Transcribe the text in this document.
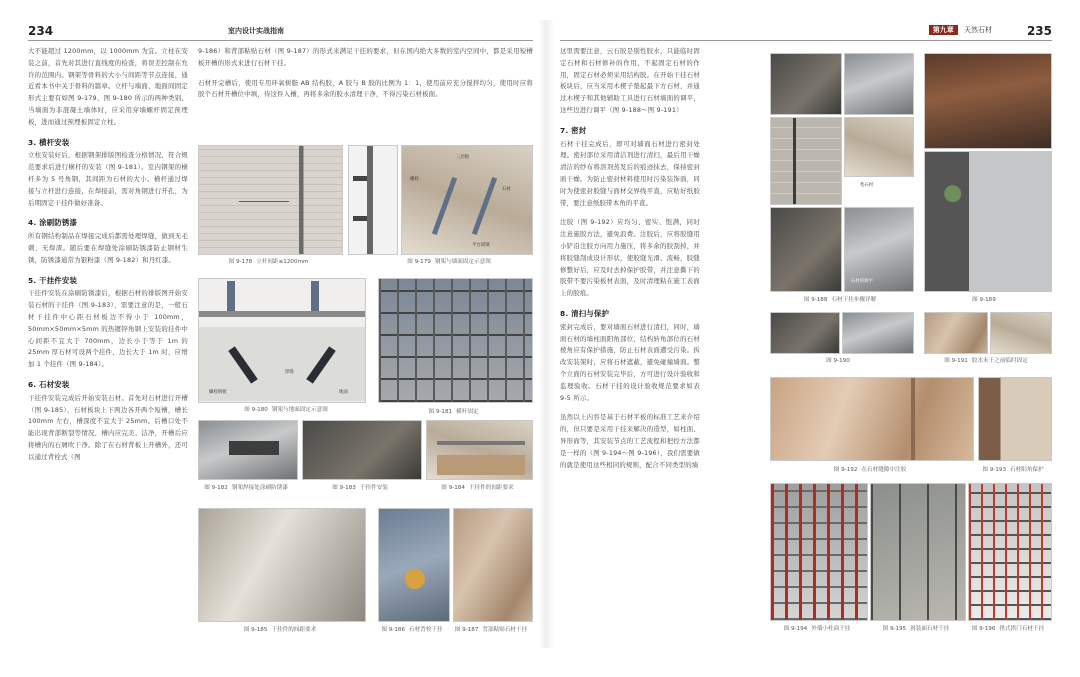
234	室内设计实战指南

大不能超过 1200mm，以 1000mm 为宜。立柱在安装之前，首先对其进行直线度的检查，将误差控制在允许的范围内。钢架等骨料的大小与间距等节点连接，通近看本书中关于骨料的篇章。立杆与墙面、地面间固定形式主要有如图 9-179、图 9-180 所示的两种类别，当墙面为非混凝土墙体时，应采用穿墙螺杆固定预埋板，进而通过预埋板固定立柱。

3. 横杆安装

立柱安装好后，根据钢架排版图检查分格情况，符合规范要求后进行横杆的安装（图 9-181）。室内钢架的横杆多为 5 号角钢，其间距为石材的大小。横杆通过焊接与立杆进行连接，在焊接前，需对角钢进行开孔，为后期固定干挂件做好准备。

4. 涂刷防锈漆

所有钢结构制品在焊接完成后都需处理焊缝，做到无毛刺、无焊渣。随后要在焊缝处涂刷防锈漆防止钢材生锈，防锈漆通常为银粉漆（图 9-182）和丹红漆。

5. 干挂件安装

干挂件安装在涂刷防锈漆后，根据石材的排版图开始安装石材的干挂件（图 9-183），需要注意的是，一般石材干挂件中心距石材板边不得小于 100mm，50mm×50mm×5mm 的热镀锌角钢上安装的挂件中心间距不宜大于 700mm，边长小于等于 1m 的 25mm 厚石材可设两个挂件，边长大于 1m 时，应增加 1 个挂件（图 9-184）。

6. 石材安装

干挂件安装完成后开始安装石材。首先对石材进行开槽（图 9-185），石材板块上下两边各开两个短槽，槽长 100mm 左右，槽深度不宜大于 25mm。后槽口处不能出现背部断裂等情况，槽内应完美、洁净，开槽后应将槽内的石屑吹干净。除了在石材背板上开槽外，还可以通过背栓式（图

9-186）和背部粘贴石材（图 9-187）的形式来满足干挂的要求，但在国内绝大多数的室内空间中，都是采用短槽板开槽的形式来进行石材干挂。

石材开完槽后，使用专用环氧树脂 AB 结构胶，A 胶与 B 胶的比例为 1：1，使用前应充分搅拌均匀，使用时应将胶个石材开槽位中填，待这件入槽，再将多余的胶水清理干净，不得污染石材板面。

图 9-178 立杆间距≤1200mm
三层板
石材
螺栓
平台锚钢
图 9-179 钢架与墙面固定示意图
焊缝
螺栓钢板	地面
图 9-180 钢架与地面固定示意图	图 9-181 横杆固定
图 9-182 钢架焊接处涂刷防锈漆	图 9-183 干挂件安装	图 9-184 干挂件的间距要求
图 9-185 干挂件的间距要求	图 9-186 石材背栓干挂	图 9-187 背部粘贴石材干挂
第九章 天然石材	235

这里需要注意，云石胶是别性胶水，只能临时固定石材和石材修补的作用，不起固定石材的作用，固定石材必须采用结构胶。在开始干挂石材板块后，应当采用木楔子垫起最下方石材，并通过木楔子和其他辅助工具进行石材墙面的调平，这些边进行调平（图 9-188～图 9-191）

7. 密封

石材干挂完成后，即可对墙面石材进行密封处理。密封部位采用清洁剂进行清扫，最后用干燥清洁的纱布将溶剂蒸发后的痕迹抹去，保持密封面干燥。为防止密封材料使用时污染装饰面，同时为使密封胶缝与面材交界线平直，应贴好纸胶带，要注意纸胶带本角的平直。

注胶（图 9-192）应均匀、密实、饱满，同时注意施胶方法，避免浪费。注胶后，应将胶缝用小铲沿注胶方向用力施压，将多余的胶刮掉，并将胶缝刮成设计形状，使胶缝光滑、流畅，胶缝修整好后，应及时去掉保护胶带，并注意撕下的胶带不要污染板材表面，及时清理粘在施工表面上的胶痕。

8. 清扫与保护

密封完成后，要对墙面石材进行清扫，同时，墙面石材的墙柱面阳角部位，结构转角部位的石材棱角应有保护措施，防止石材表面遭受污染。拆改安装架时，应将石材遮蔽，避免碰撞墙面。整个立面的石材安装完毕后，方可进行设计验收和监理验收。石材干挂的设计验收规范要求如表 9-5 所示。

虽然以上内容是基于石材平板的标准工艺来介绍的，但只要是采用干挂来解决的造型，如柱面、异形面等，其安装节点的工艺流程和把控方法都是一样的（图 9-194～图 9-196），我们需要做的就是使用这些相同的规则，配合不同类型的墙

石材的调平
垫石材
图 9-188 石材干挂步骤详解	图 9-189
图 9-190	图 9-191 胶水未干之前临时固定
图 9-192 在石材缝隙中注胶	图 9-193 石材阳角保护
图 9-194 外墙小柱面干挂	图 9-195 斜装面石材干挂	图 9-196 拱式拱门石材干挂
